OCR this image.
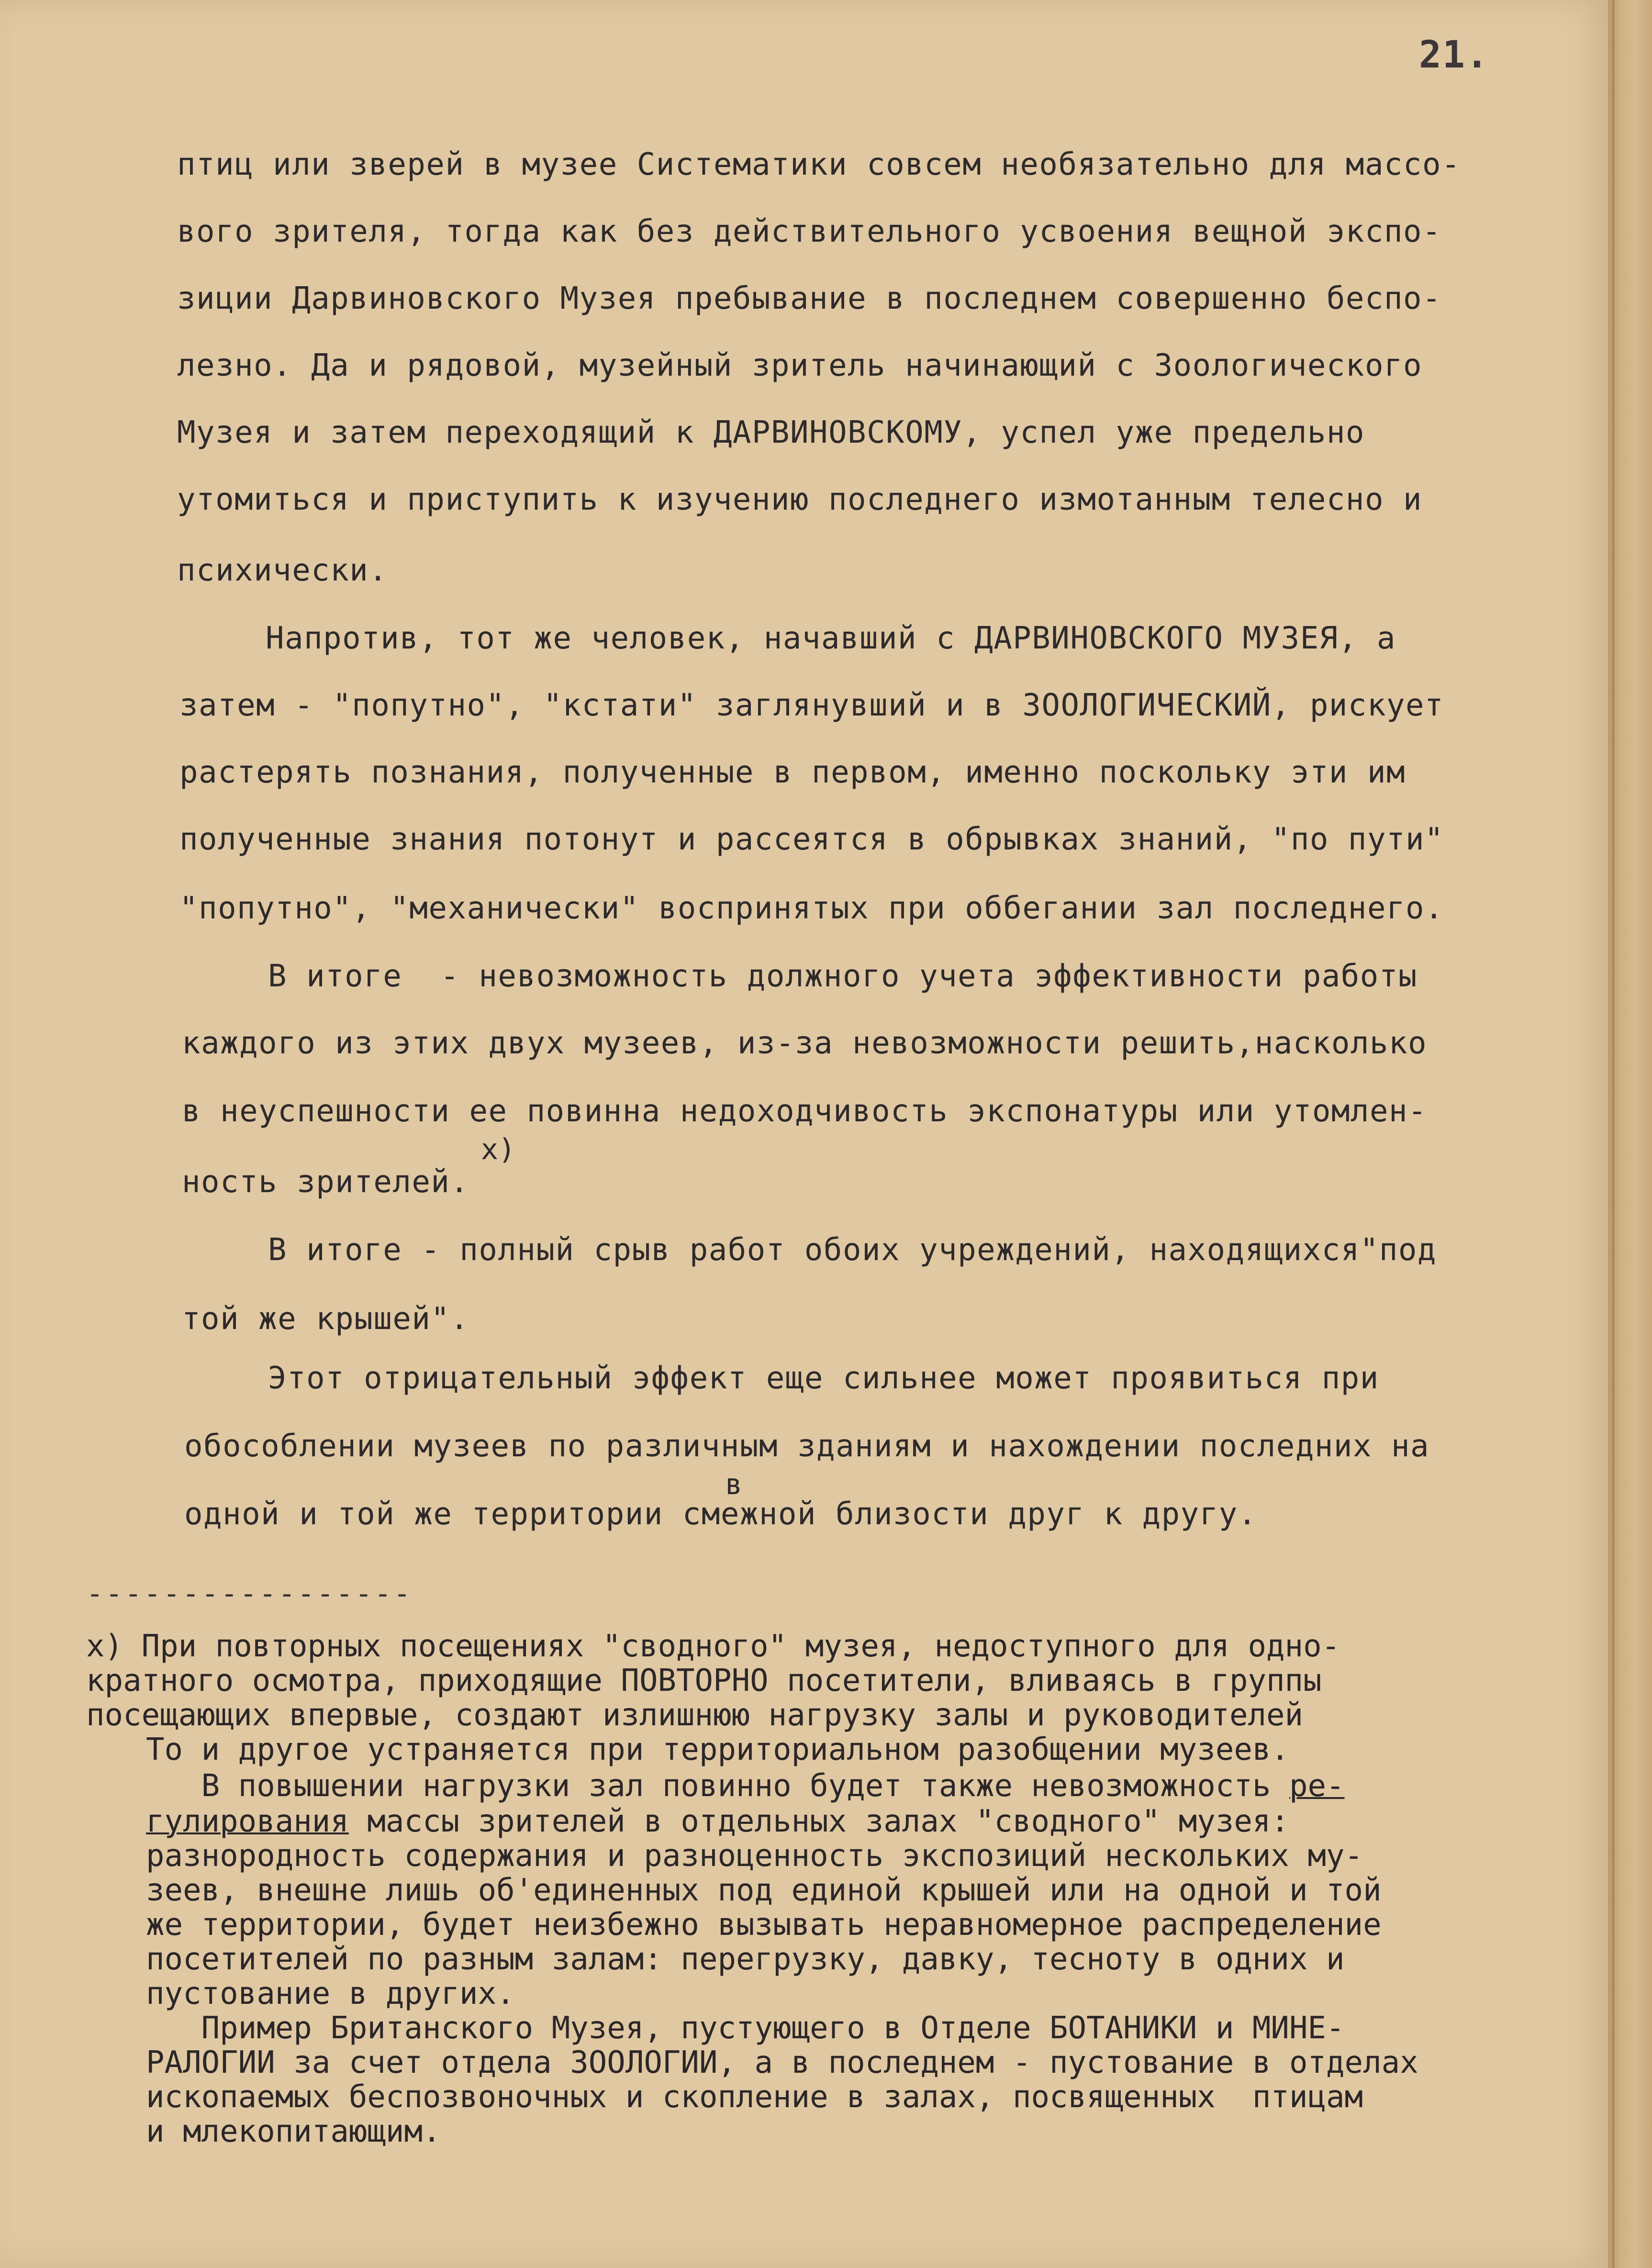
21.
птиц или зверей в музее Систематики совсем необязательно для массо-
вого зрителя, тогда как без действительного усвоения вещной экспо-
зиции Дарвиновского Музея пребывание в последнем совершенно беспо-
лезно. Да и рядовой, музейный зритель начинающий с Зоологического
Музея и затем переходящий к ДАРВИНОВСКОМУ, успел уже предельно
утомиться и приступить к изучению последнего измотанным телесно и
психически.
Напротив, тот же человек, начавший с ДАРВИНОВСКОГО МУЗЕЯ, а
затем - "попутно", "кстати" заглянувший и в ЗООЛОГИЧЕСКИЙ, рискует
растерять познания, полученные в первом, именно поскольку эти им
полученные знания потонут и рассеятся в обрывках знаний, "по пути"
"попутно", "механически" воспринятых при оббегании зал последнего.
В итоге  - невозможность должного учета эффективности работы
каждого из этих двух музеев, из-за невозможности решить,насколько
в неуспешности ее повинна недоходчивость экспонатуры или утомлен-
x)
ность зрителей.
В итоге - полный срыв работ обоих учреждений, находящихся"под
той же крышей".
Этот отрицательный эффект еще сильнее может проявиться при
обособлении музеев по различным зданиям и нахождении последних на
в
одной и той же территории смежной близости друг к другу.
-----------------
x) При повторных посещениях "сводного" музея, недоступного для одно-
кратного осмотра, приходящие ПОВТОРНО посетители, вливаясь в группы
посещающих впервые, создают излишнюю нагрузку залы и руководителей
То и другое устраняется при территориальном разобщении музеев.
В повышении нагрузки зал повинно будет также невозможность ре-
гулирования массы зрителей в отдельных залах "сводного" музея:
разнородность содержания и разноценность экспозиций нескольких му-
зеев, внешне лишь об'единенных под единой крышей или на одной и той
же территории, будет неизбежно вызывать неравномерное распределение
посетителей по разным залам: перегрузку, давку, тесноту в одних и
пустование в других.
Пример Британского Музея, пустующего в Отделе БОТАНИКИ и МИНЕ-
РАЛОГИИ за счет отдела ЗООЛОГИИ, а в последнем - пустование в отделах
ископаемых беспозвоночных и скопление в залах, посвященных  птицам
и млекопитающим.
